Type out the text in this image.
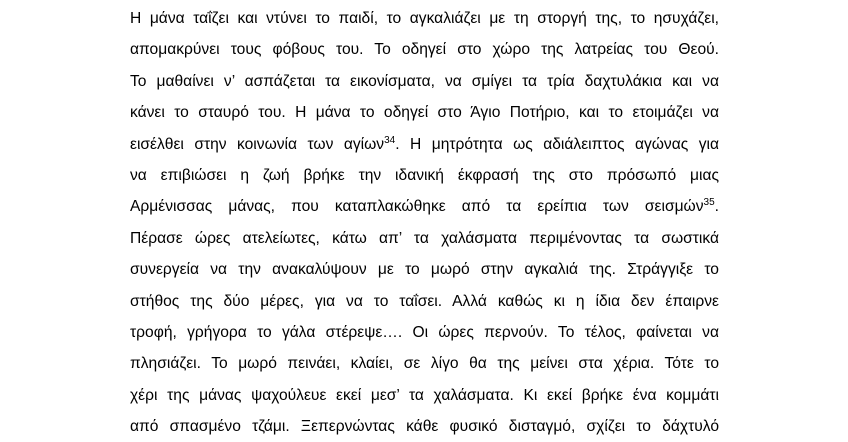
Η μάνα ταΐζει και ντύνει το παιδί, το αγκαλιάζει με τη στοργή της, το ησυχάζει,
απομακρύνει τους φόβους του. Το οδηγεί στο χώρο της λατρείας του Θεού.
Το μαθαίνει ν’ ασπάζεται τα εικονίσματα, να σμίγει τα τρία δαχτυλάκια και να
κάνει το σταυρό του. Η μάνα το οδηγεί στο Άγιο Ποτήριο, και το ετοιμάζει να
εισέλθει στην κοινωνία των αγίων$^{34}$. Η μητρότητα ως αδιάλειπτος αγώνας για
να επιβιώσει η ζωή βρήκε την ιδανική έκφρασή της στο πρόσωπό μιας
Αρμένισσας μάνας, που καταπλακώθηκε από τα ερείπια των σεισμών$^{35}$.
Πέρασε ώρες ατελείωτες, κάτω απ’ τα χαλάσματα περιμένοντας τα σωστικά
συνεργεία να την ανακαλύψουν με το μωρό στην αγκαλιά της. Στράγγιξε το
στήθος της δύο μέρες, για να το ταΐσει. Αλλά καθώς κι η ίδια δεν έπαιρνε
τροφή, γρήγορα το γάλα στέρεψε…. Οι ώρες περνούν. Το τέλος, φαίνεται να
πλησιάζει. Το μωρό πεινάει, κλαίει, σε λίγο θα της μείνει στα χέρια. Τότε το
χέρι της μάνας ψαχούλευε εκεί μεσ’ τα χαλάσματα. Κι εκεί βρήκε ένα κομμάτι
από σπασμένο τζάμι. Ξεπερνώντας κάθε φυσικό δισταγμό, σχίζει το δάχτυλό
